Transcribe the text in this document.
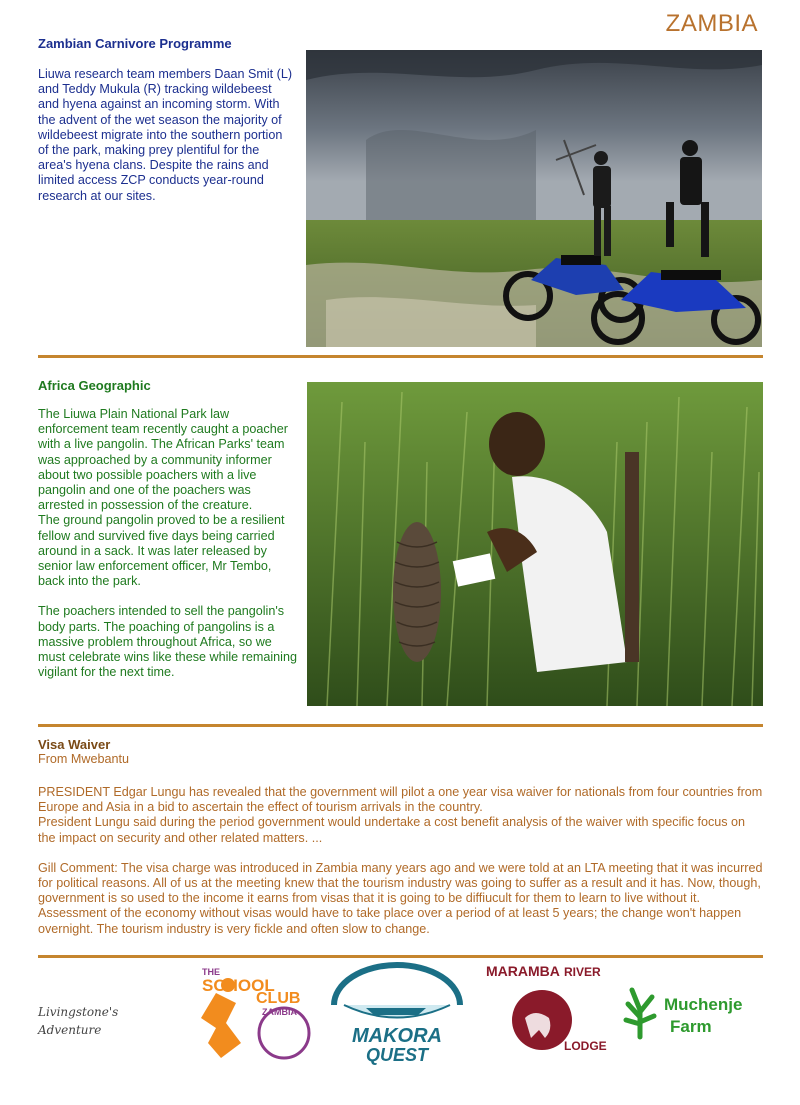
ZAMBIA
Zambian Carnivore Programme

Liuwa research team members Daan Smit (L) and Teddy Mukula (R) tracking wildebeest and hyena against an incoming storm. With the advent of the wet season the majority of wildebeest migrate into the southern portion of the park, making prey plentiful for the area's hyena clans. Despite the rains and limited access ZCP conducts year-round research at our sites.

Africa Geographic

The Liuwa Plain National Park law enforcement team recently caught a poacher with a live pangolin. The African Parks' team was approached by a community informer about two possible poachers with a live pangolin and one of the poachers was arrested in possession of the creature.

The ground pangolin proved to be a resilient fellow and survived five days being carried around in a sack. It was later released by senior law enforcement officer, Mr Tembo, back into the park.

The poachers intended to sell the pangolin's body parts. The poaching of pangolins is a massive problem throughout Africa, so we must celebrate wins like these while remaining vigilant for the next time.

Visa Waiver
From Mwebantu

PRESIDENT Edgar Lungu has revealed that the government will pilot a one year visa waiver for nationals from four countries from Europe and Asia in a bid to ascertain the effect of tourism arrivals in the country.

President Lungu said during the period government would undertake a cost benefit analysis of the waiver with specific focus on the impact on security and other related matters. ...

Gill Comment: The visa charge was introduced in Zambia many years ago and we were told at an LTA meeting that it was incurred for political reasons. All of us at the meeting knew that the tourism industry was going to suffer as a result and it has. Now, though, government is so used to the income it earns from visas that it is going to be diffiucult for them to learn to live without it. Assessment of the economy without visas would have to take place over a period of at least 5 years; the change won't happen overnight. The tourism industry is very fickle and often slow to change.

Livingstone's Adventure
THE
SCHOOL
CLUB
ZAMBIA
MAKORA
QUEST
MARAMBA RIVER
LODGE
Muchenje
Farm
